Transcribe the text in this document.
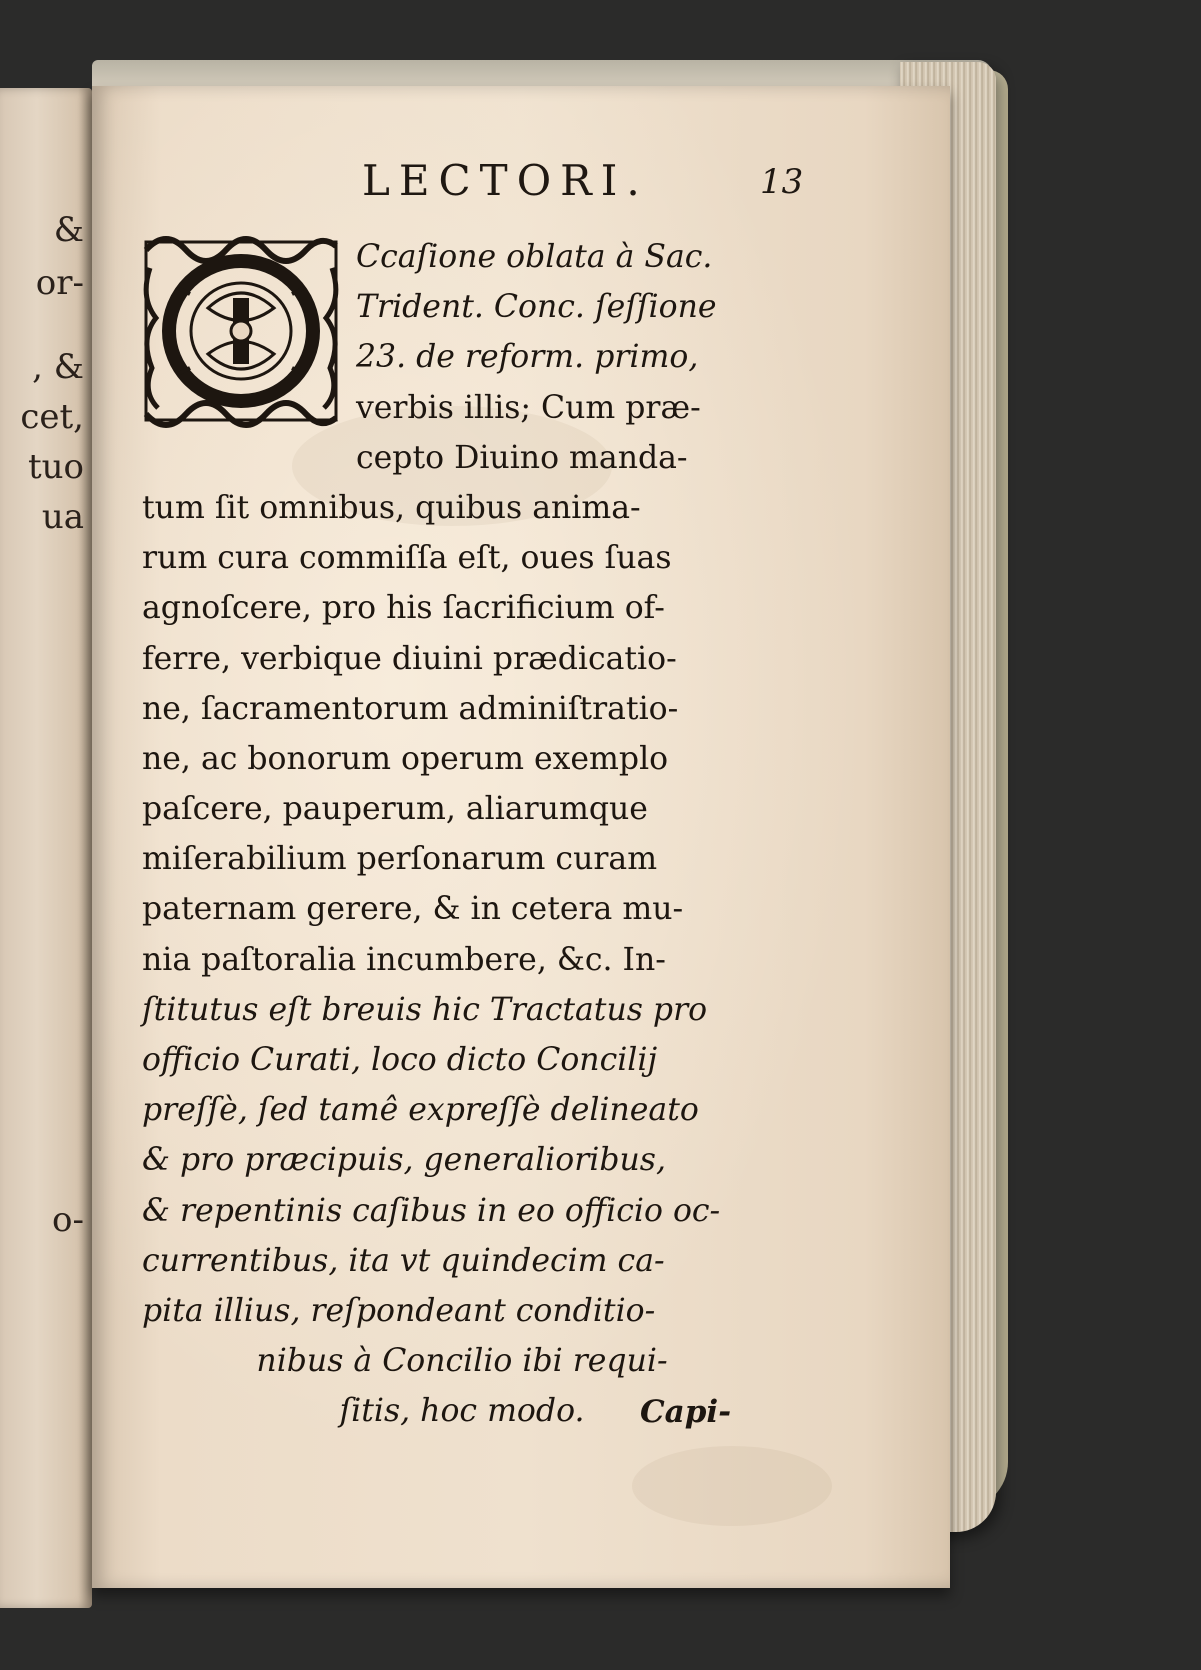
&
or-
, &
cet,
tuo
ua
o-
LECTORI.	13
Ccaſione oblata à Sac.
Trident. Conc. ſeſſione
23. de reform. primo,
verbis illis; Cum præ-
cepto Diuino manda-
tum ſit omnibus, quibus anima-
rum cura commiſſa eſt, oues ſuas
agnoſcere, pro his ſacrificium of-
ferre, verbique diuini prædicatio-
ne, ſacramentorum adminiſtratio-
ne, ac bonorum operum exemplo
paſcere, pauperum, aliarumque
miſerabilium perſonarum curam
paternam gerere, & in cetera mu-
nia paſtoralia incumbere, &c. In-
ſtitutus eſt breuis hic Tractatus pro
officio Curati, loco dicto Concilij
preſſè, ſed tamê expreſſè delineato
& pro præcipuis, generalioribus,
& repentinis caſibus in eo officio oc-
currentibus, ita vt quindecim ca-
pita illius, reſpondeant conditio-
nibus à Concilio ibi requi-
ſitis, hoc modo.	Capi-
